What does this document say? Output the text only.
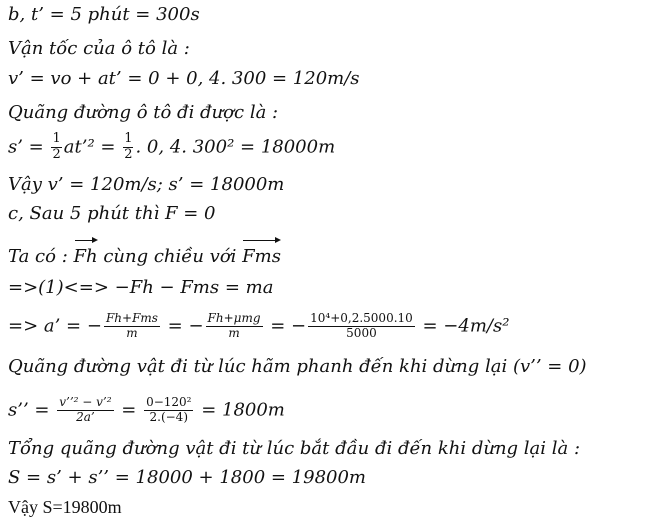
b, t’ = 5 phút = 300s
Vận tốc của ô tô là :
v’ = vo + at’ = 0 + 0, 4. 300 = 120m/s
Quãng đường ô tô đi được là :
s’ = $\frac{1}{2}$ at’² = $\frac{1}{2}$ . 0, 4. 300² = 18000m
Vậy v’ = 120m/s; s’ = 18000m
c, Sau 5 phút thì F = 0
Ta có : Fh cùng chiều với Fms
=>(1)<=> −Fh − Fms = ma
=> a’ = − $\frac{\text{Fh+Fms}}{m}$ = − $\frac{\text{Fh+μmg}}{m}$ = − $\frac{\text{10⁴+0,2.5000.10}}{5000} = -4m/s^2$
Quãng đường vật đi từ lúc hãm phanh đến khi dừng lại (v’’ = 0)
s’’ = $\frac{\text{v’’² − v’²}}{2a’} = \frac{\text{0−120²}}{2.(-4)} = 1800m$
Tổng quãng đường vật đi từ lúc bắt đầu đi đến khi dừng lại là :
S = s’ + s’’ = 18000 + 1800 = 19800m
Vậy S=19800m
